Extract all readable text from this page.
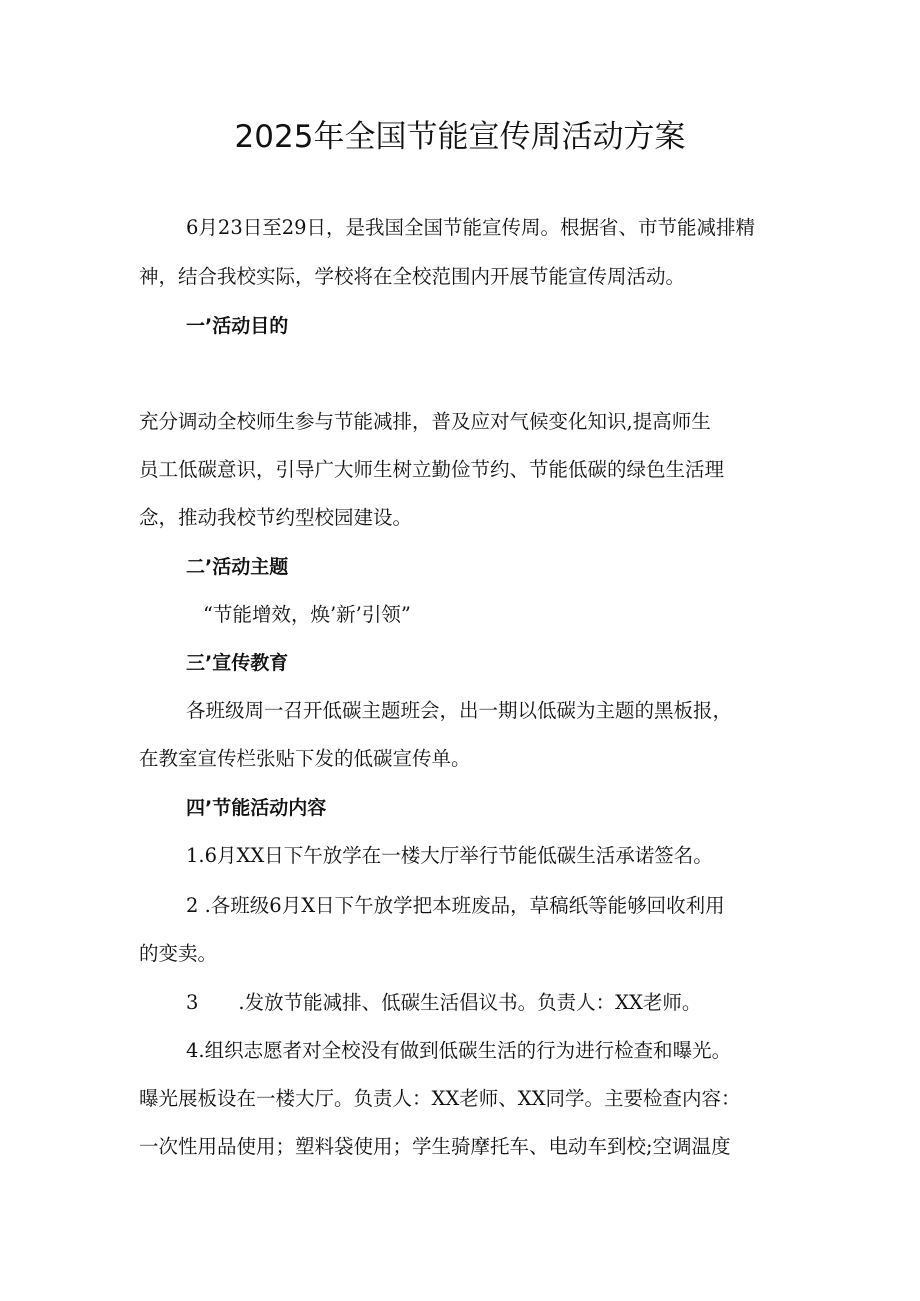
2025年全国节能宣传周活动方案
6月23日至29日，是我国全国节能宣传周。根据省、市节能减排精
神，结合我校实际，学校将在全校范围内开展节能宣传周活动。
一’活动目的
充分调动全校师生参与节能减排，普及应对气候变化知识,提高师生
员工低碳意识，引导广大师生树立勤俭节约、节能低碳的绿色生活理
念，推动我校节约型校园建设。
二’活动主题
“节能增效，焕’新’引领”
三’宣传教育
各班级周一召开低碳主题班会，出一期以低碳为主题的黑板报，
在教室宣传栏张贴下发的低碳宣传单。
四’节能活动内容
1.6月XX日下午放学在一楼大厅举行节能低碳生活承诺签名。
2 .各班级6月X日下午放学把本班废品，草稿纸等能够回收利用
的变卖。
3 .发放节能减排、低碳生活倡议书。负责人：XX老师。
4.组织志愿者对全校没有做到低碳生活的行为进行检查和曝光。
曝光展板设在一楼大厅。负责人：XX老师、XX同学。主要检查内容：
一次性用品使用；塑料袋使用；学生骑摩托车、电动车到校;空调温度
